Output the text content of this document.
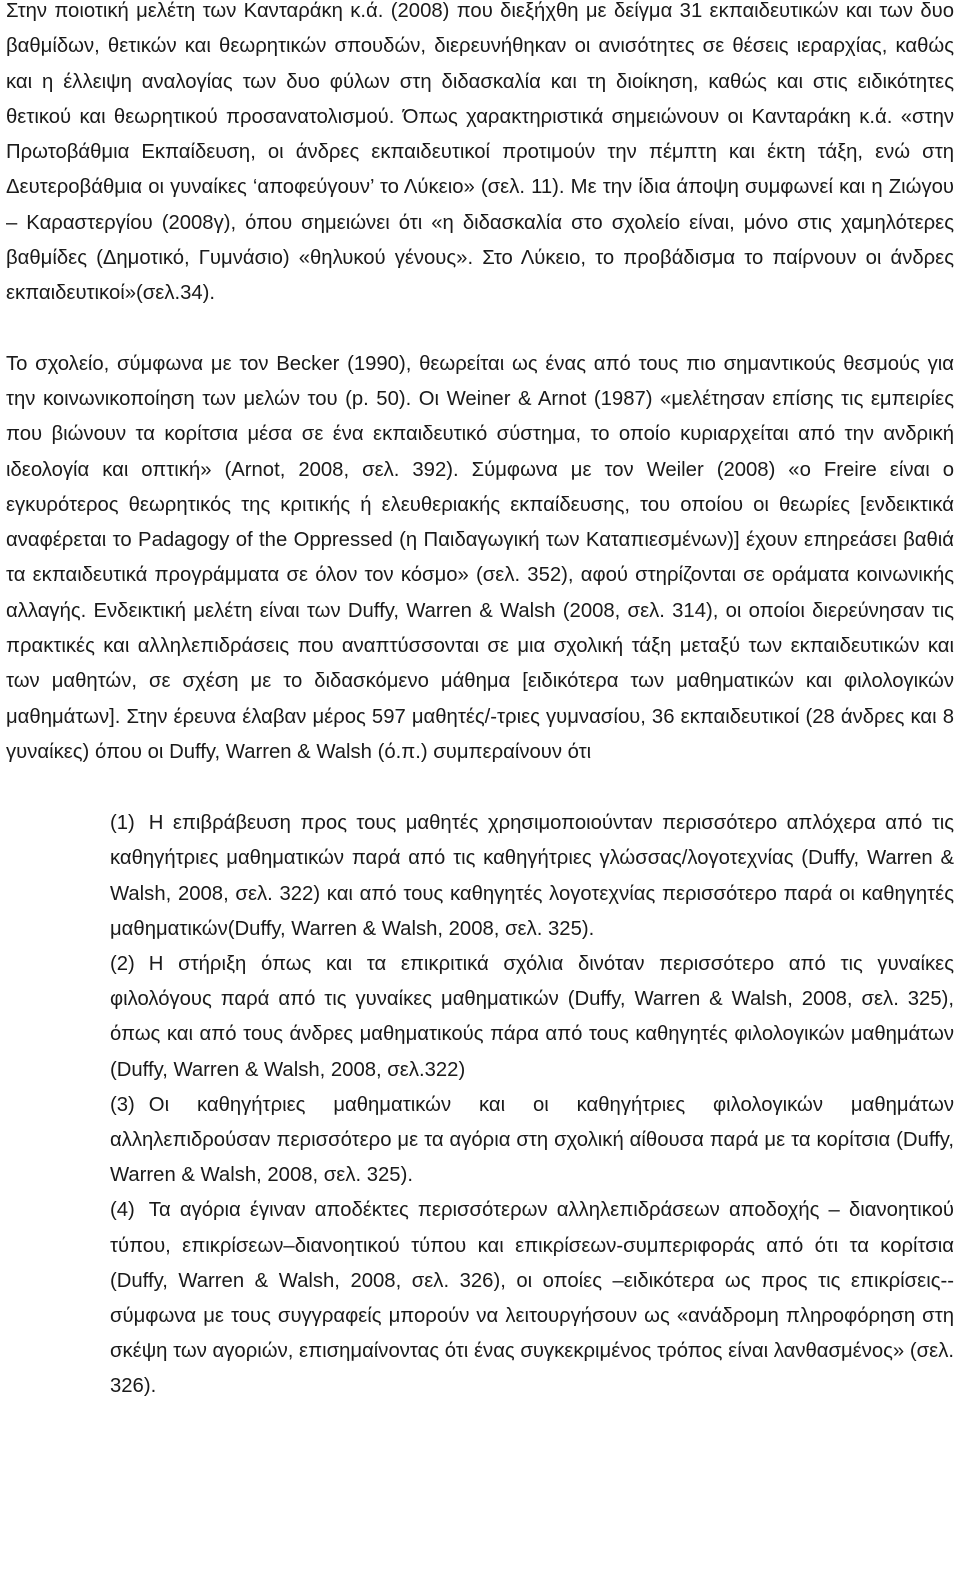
Στην ποιοτική μελέτη των Κανταράκη κ.ά. (2008) που διεξήχθη με δείγμα 31 εκπαιδευτικών και των δυο βαθμίδων, θετικών και θεωρητικών σπουδών, διερευνήθηκαν οι ανισότητες σε θέσεις ιεραρχίας, καθώς και η έλλειψη αναλογίας των δυο φύλων στη διδασκαλία και τη διοίκηση, καθώς και στις ειδικότητες θετικού και θεωρητικού προσανατολισμού. Όπως χαρακτηριστικά σημειώνουν οι Κανταράκη κ.ά. «στην Πρωτοβάθμια Εκπαίδευση, οι άνδρες εκπαιδευτικοί προτιμούν την πέμπτη και έκτη τάξη, ενώ στη Δευτεροβάθμια οι γυναίκες ‘αποφεύγουν’ το Λύκειο» (σελ. 11). Με την ίδια άποψη συμφωνεί και η Ζιώγου – Καραστεργίου (2008γ), όπου σημειώνει ότι «η διδασκαλία στο σχολείο είναι, μόνο στις χαμηλότερες βαθμίδες (Δημοτικό, Γυμνάσιο) «θηλυκού γένους». Στο Λύκειο, το προβάδισμα το παίρνουν οι άνδρες εκπαιδευτικοί»(σελ.34).

Το σχολείο, σύμφωνα με τον Becker (1990), θεωρείται ως ένας από τους πιο σημαντικούς θεσμούς για την κοινωνικοποίηση των μελών του (p. 50). Οι Weiner & Arnot (1987) «μελέτησαν επίσης τις εμπειρίες που βιώνουν τα κορίτσια μέσα σε ένα εκπαιδευτικό σύστημα, το οποίο κυριαρχείται από την ανδρική ιδεολογία και οπτική» (Arnot, 2008, σελ. 392). Σύμφωνα με τον Weiler (2008) «ο Freire είναι ο εγκυρότερος θεωρητικός της κριτικής ή ελευθεριακής εκπαίδευσης, του οποίου οι θεωρίες [ενδεικτικά αναφέρεται το Padagogy of the Oppressed (η Παιδαγωγική των Καταπιεσμένων)] έχουν επηρεάσει βαθιά τα εκπαιδευτικά προγράμματα σε όλον τον κόσμο» (σελ. 352), αφού στηρίζονται σε οράματα κοινωνικής αλλαγής. Ενδεικτική μελέτη είναι των Duffy, Warren & Walsh (2008, σελ. 314), οι οποίοι διερεύνησαν τις πρακτικές και αλληλεπιδράσεις που αναπτύσσονται σε μια σχολική τάξη μεταξύ των εκπαιδευτικών και των μαθητών, σε σχέση με το διδασκόμενο μάθημα [ειδικότερα των μαθηματικών και φιλολογικών μαθημάτων]. Στην έρευνα έλαβαν μέρος 597 μαθητές/-τριες γυμνασίου, 36 εκπαιδευτικοί (28 άνδρες και 8 γυναίκες) όπου οι Duffy, Warren & Walsh (ό.π.) συμπεραίνουν ότι

(1) Η επιβράβευση προς τους μαθητές χρησιμοποιούνταν περισσότερο απλόχερα από τις καθηγήτριες μαθηματικών παρά από τις καθηγήτριες γλώσσας/λογοτεχνίας (Duffy, Warren & Walsh, 2008, σελ. 322) και από τους καθηγητές λογοτεχνίας περισσότερο παρά οι καθηγητές μαθηματικών(Duffy, Warren & Walsh, 2008, σελ. 325).
(2) Η στήριξη όπως και τα επικριτικά σχόλια δινόταν περισσότερο από τις γυναίκες φιλολόγους παρά από τις γυναίκες μαθηματικών (Duffy, Warren & Walsh, 2008, σελ. 325), όπως και από τους άνδρες μαθηματικούς πάρα από τους καθηγητές φιλολογικών μαθημάτων (Duffy, Warren & Walsh, 2008, σελ.322)
(3) Οι καθηγήτριες μαθηματικών και οι καθηγήτριες φιλολογικών μαθημάτων αλληλεπιδρούσαν περισσότερο με τα αγόρια στη σχολική αίθουσα παρά με τα κορίτσια (Duffy, Warren & Walsh, 2008, σελ. 325).
(4) Τα αγόρια έγιναν αποδέκτες περισσότερων αλληλεπιδράσεων αποδοχής – διανοητικού τύπου, επικρίσεων–διανοητικού τύπου και επικρίσεων-συμπεριφοράς από ότι τα κορίτσια (Duffy, Warren & Walsh, 2008, σελ. 326), οι οποίες –ειδικότερα ως προς τις επικρίσεις--σύμφωνα με τους συγγραφείς μπορούν να λειτουργήσουν ως «ανάδρομη πληροφόρηση στη σκέψη των αγοριών, επισημαίνοντας ότι ένας συγκεκριμένος τρόπος είναι λανθασμένος» (σελ. 326).
